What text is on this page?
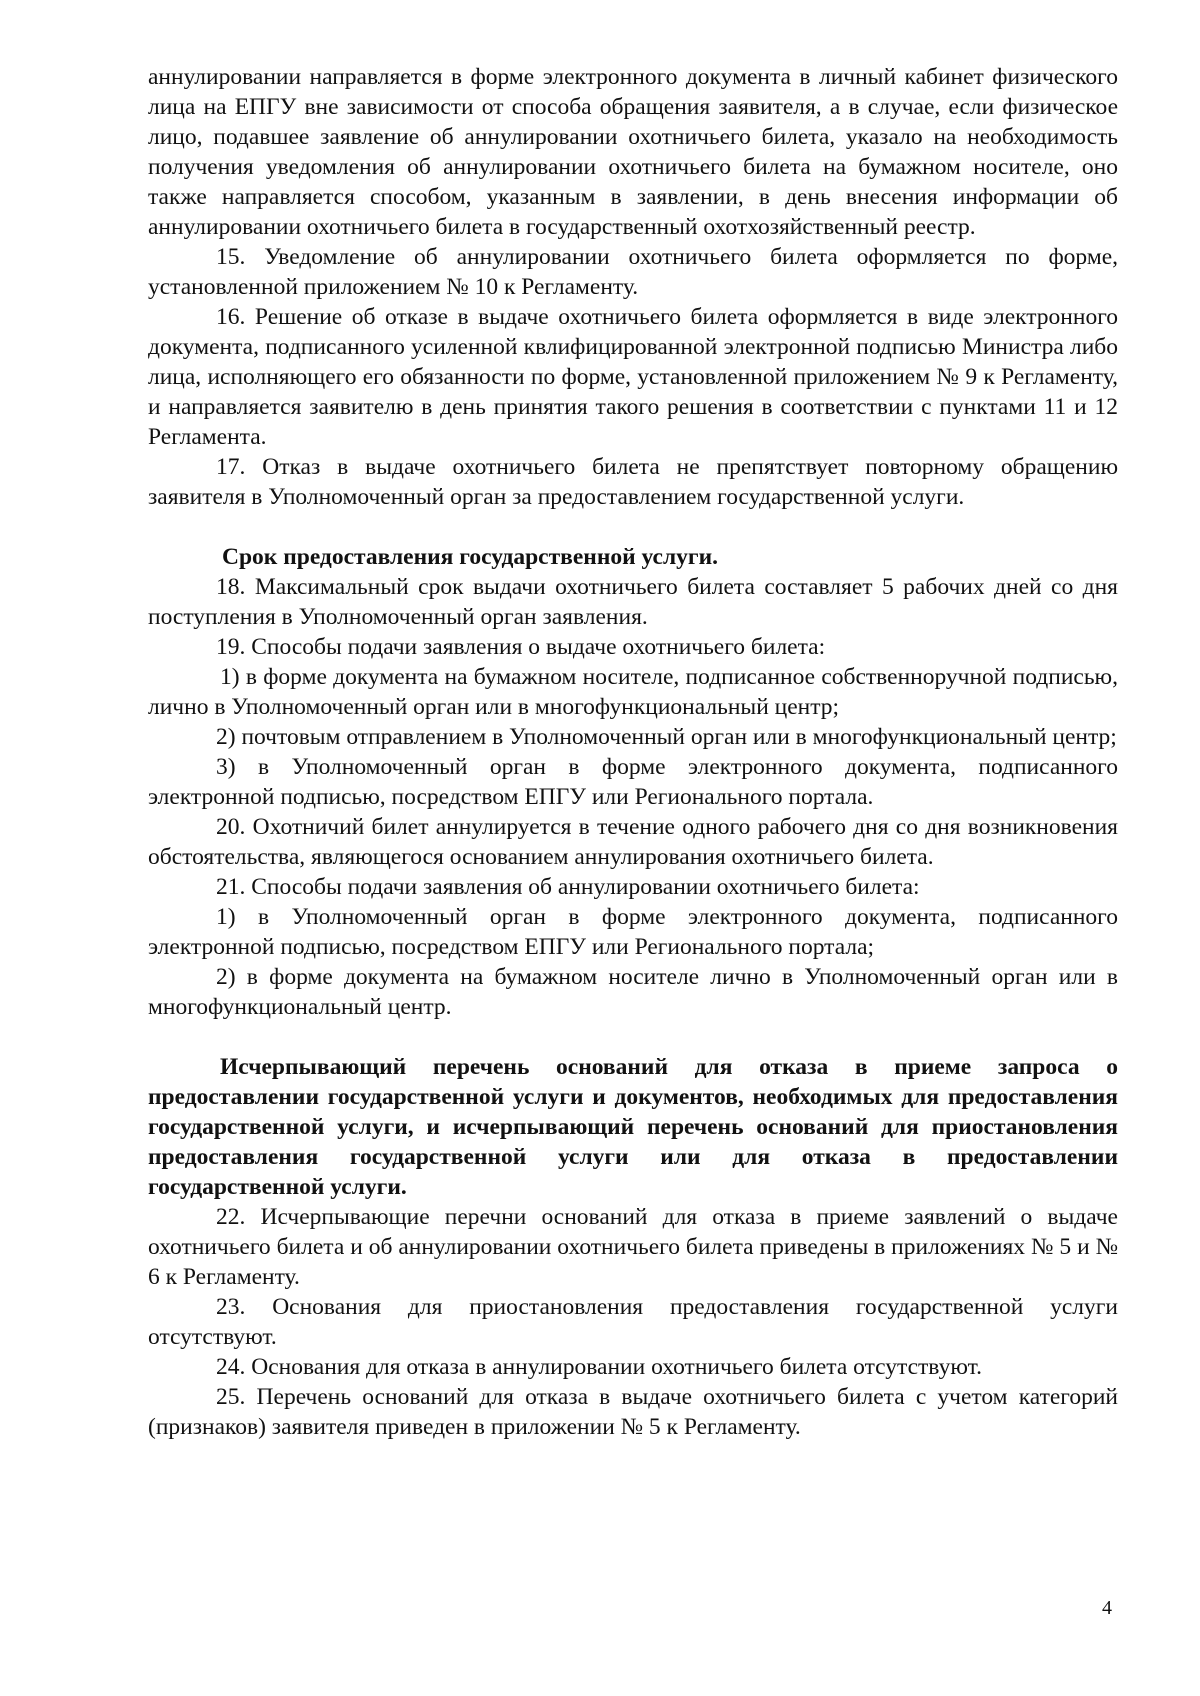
аннулировании направляется в форме электронного документа в личный кабинет физического лица на ЕПГУ вне зависимости от способа обращения заявителя, а в случае, если физическое лицо, подавшее заявление об аннулировании охотничьего билета, указало на необходимость получения уведомления об аннулировании охотничьего билета на бумажном носителе, оно также направляется способом, указанным в заявлении, в день внесения информации об аннулировании охотничьего билета в государственный охотхозяйственный реестр.

15. Уведомление об аннулировании охотничьего билета оформляется по форме, установленной приложением № 10 к Регламенту.

16. Решение об отказе в выдаче охотничьего билета оформляется в виде электронного документа, подписанного усиленной квлифицированной электронной подписью Министра либо лица, исполняющего его обязанности по форме, установленной приложением № 9 к Регламенту, и направляется заявителю в день принятия такого решения в соответствии с пунктами 11 и 12 Регламента.

17. Отказ в выдаче охотничьего билета не препятствует повторному обращению заявителя в Уполномоченный орган за предоставлением государственной услуги.

Срок предоставления государственной услуги.

18. Максимальный срок выдачи охотничьего билета составляет 5 рабочих дней со дня поступления в Уполномоченный орган заявления.

19. Способы подачи заявления о выдаче охотничьего билета:

1) в форме документа на бумажном носителе, подписанное собственноручной подписью, лично в Уполномоченный орган или в многофункциональный центр;

2) почтовым отправлением в Уполномоченный орган или в многофункциональный центр;

3) в Уполномоченный орган в форме электронного документа, подписанного электронной подписью, посредством ЕПГУ или Регионального портала.

20. Охотничий билет аннулируется в течение одного рабочего дня со дня возникновения обстоятельства, являющегося основанием аннулирования охотничьего билета.

21. Способы подачи заявления об аннулировании охотничьего билета:

1) в Уполномоченный орган в форме электронного документа, подписанного электронной подписью, посредством ЕПГУ или Регионального портала;

2) в форме документа на бумажном носителе лично в Уполномоченный орган или в многофункциональный центр.

Исчерпывающий перечень оснований для отказа в приеме запроса о предоставлении государственной услуги и документов, необходимых для предоставления государственной услуги, и исчерпывающий перечень оснований для приостановления предоставления государственной услуги или для отказа в предоставлении государственной услуги.

22. Исчерпывающие перечни оснований для отказа в приеме заявлений о выдаче охотничьего билета и об аннулировании охотничьего билета приведены в приложениях № 5 и № 6 к Регламенту.

23. Основания для приостановления предоставления государственной услуги отсутствуют.

24. Основания для отказа в аннулировании охотничьего билета отсутствуют.

25. Перечень оснований для отказа в выдаче охотничьего билета с учетом категорий (признаков) заявителя приведен в приложении № 5 к Регламенту.

4
